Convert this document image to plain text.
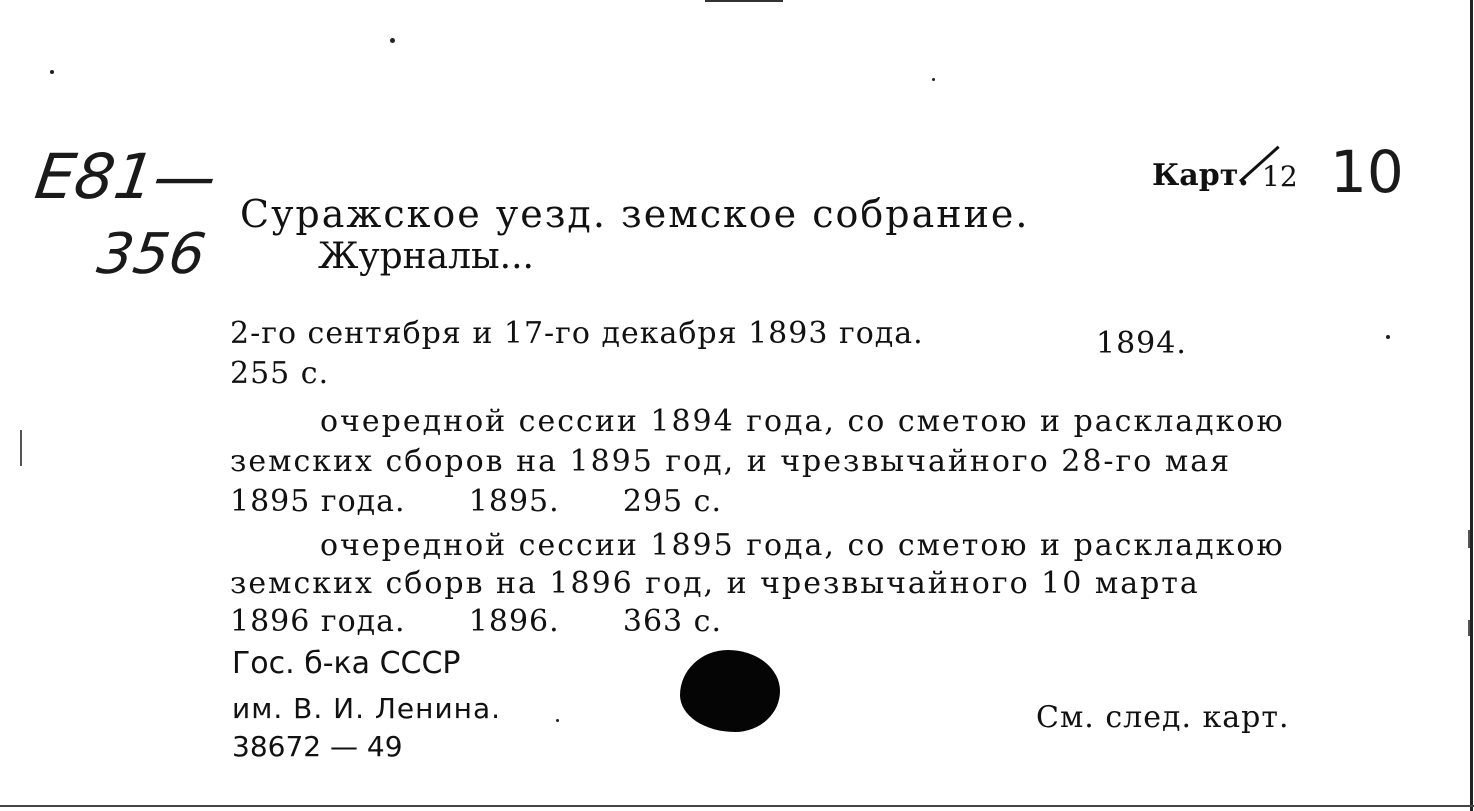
E81—
356
Карт. 12 10
Суражское уезд. земское собрание.
Журналы...
2-го сентября и 17-го декабря 1893 года.	1894.
255 с.
очередной сессии 1894 года, со сметою и раскладкою
земских сборов на 1895 год, и чрезвычайного 28-го мая
1895 года.      1895.      295 с.
очередной сессии 1895 года, со сметою и раскладкою
земских сборв на 1896 год, и чрезвычайного 10 марта
1896 года.      1896.      363 с.
Гос. б-ка СССР
им. В. И. Ленина.
38672 — 49
См. след. карт.
